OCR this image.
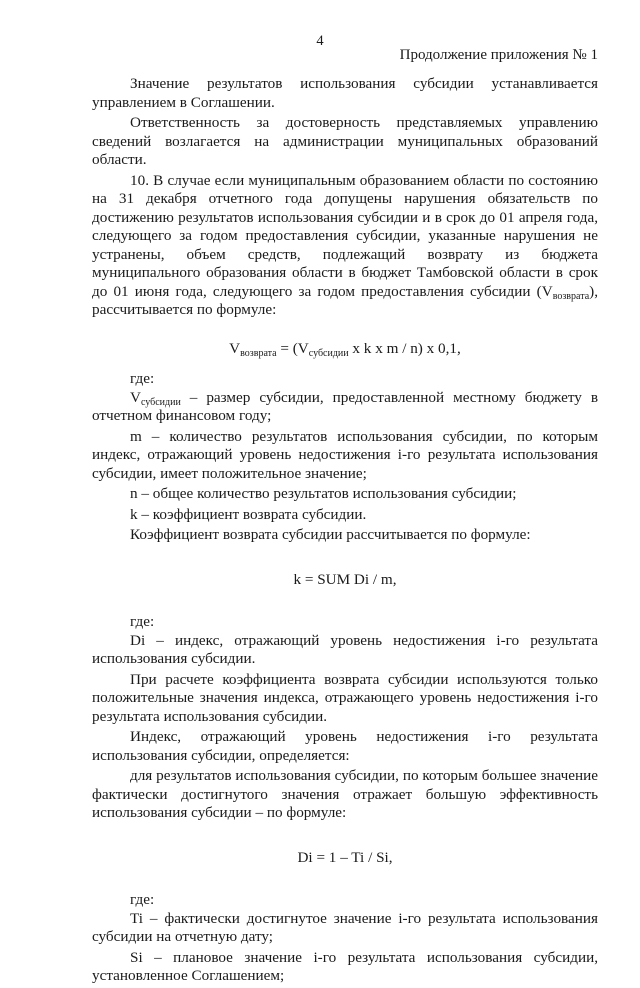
4
Продолжение приложения № 1

Значение результатов использования субсидии устанавливается управлением в Соглашении.

Ответственность за достоверность представляемых управлению сведений возлагается на администрации муниципальных образований области.

10. В случае если муниципальным образованием области по состоянию на 31 декабря отчетного года допущены нарушения обязательств по достижению результатов использования субсидии и в срок до 01 апреля года, следующего за годом предоставления субсидии, указанные нарушения не устранены, объем средств, подлежащий возврату из бюджета муниципального образования области в бюджет Тамбовской области в срок до 01 июня года, следующего за годом предоставления субсидии $(V_{возврата})$, рассчитывается по формуле:

$V_{возврата} = (V_{субсидии}$ x k x m / n) x 0,1,

где:

$V_{субсидии}$ – размер субсидии, предоставленной местному бюджету в отчетном финансовом году;

m – количество результатов использования субсидии, по которым индекс, отражающий уровень недостижения i-го результата использования субсидии, имеет положительное значение;

n – общее количество результатов использования субсидии;

k – коэффициент возврата субсидии.

Коэффициент возврата субсидии рассчитывается по формуле:

k = SUM Di / m,

где:

Di – индекс, отражающий уровень недостижения i-го результата использования субсидии.

При расчете коэффициента возврата субсидии используются только положительные значения индекса, отражающего уровень недостижения i-го результата использования субсидии.

Индекс, отражающий уровень недостижения i-го результата использования субсидии, определяется:

для результатов использования субсидии, по которым большее значение фактически достигнутого значения отражает большую эффективность использования субсидии – по формуле:

Di = 1 – Ti / Si,

где:

Ti – фактически достигнутое значение i-го результата использования субсидии на отчетную дату;

Si – плановое значение i-го результата использования субсидии, установленное Соглашением;
